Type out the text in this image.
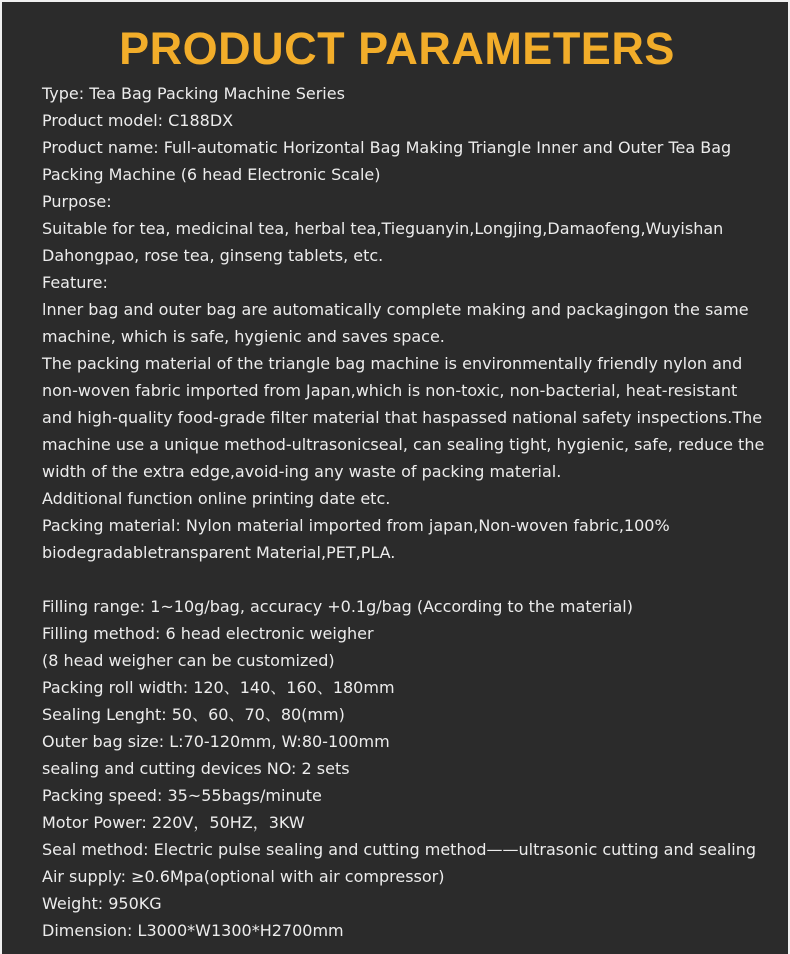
PRODUCT PARAMETERS
Type: Tea Bag Packing Machine Series
Product model: C188DX
Product name: Full-automatic Horizontal Bag Making Triangle Inner and Outer Tea Bag
Packing Machine (6 head Electronic Scale)
Purpose:
Suitable for tea, medicinal tea, herbal tea,Tieguanyin,Longjing,Damaofeng,Wuyishan
Dahongpao, rose tea, ginseng tablets, etc.
Feature:
lnner bag and outer bag are automatically complete making and packagingon the same
machine, which is safe, hygienic and saves space.
The packing material of the triangle bag machine is environmentally friendly nylon and
non-woven fabric imported from Japan,which is non-toxic, non-bacterial, heat-resistant
and high-quality food-grade filter material that haspassed national safety inspections.The
machine use a unique method-ultrasonicseal, can sealing tight, hygienic, safe, reduce the
width of the extra edge,avoid-ing any waste of packing material.
Additional function online printing date etc.
Packing material: Nylon material imported from japan,Non-woven fabric,100%
biodegradabletransparent Material,PET,PLA.
Filling range: 1~10g/bag, accuracy +0.1g/bag (According to the material)
Filling method: 6 head electronic weigher
(8 head weigher can be customized)
Packing roll width: 120、140、160、180mm
Sealing Lenght: 50、60、70、80(mm)
Outer bag size: L:70-120mm, W:80-100mm
sealing and cutting devices NO: 2 sets
Packing speed: 35~55bags/minute
Motor Power: 220V，50HZ，3KW
Seal method: Electric pulse sealing and cutting method——ultrasonic cutting and sealing
Air supply: ≥0.6Mpa(optional with air compressor)
Weight: 950KG
Dimension: L3000*W1300*H2700mm
